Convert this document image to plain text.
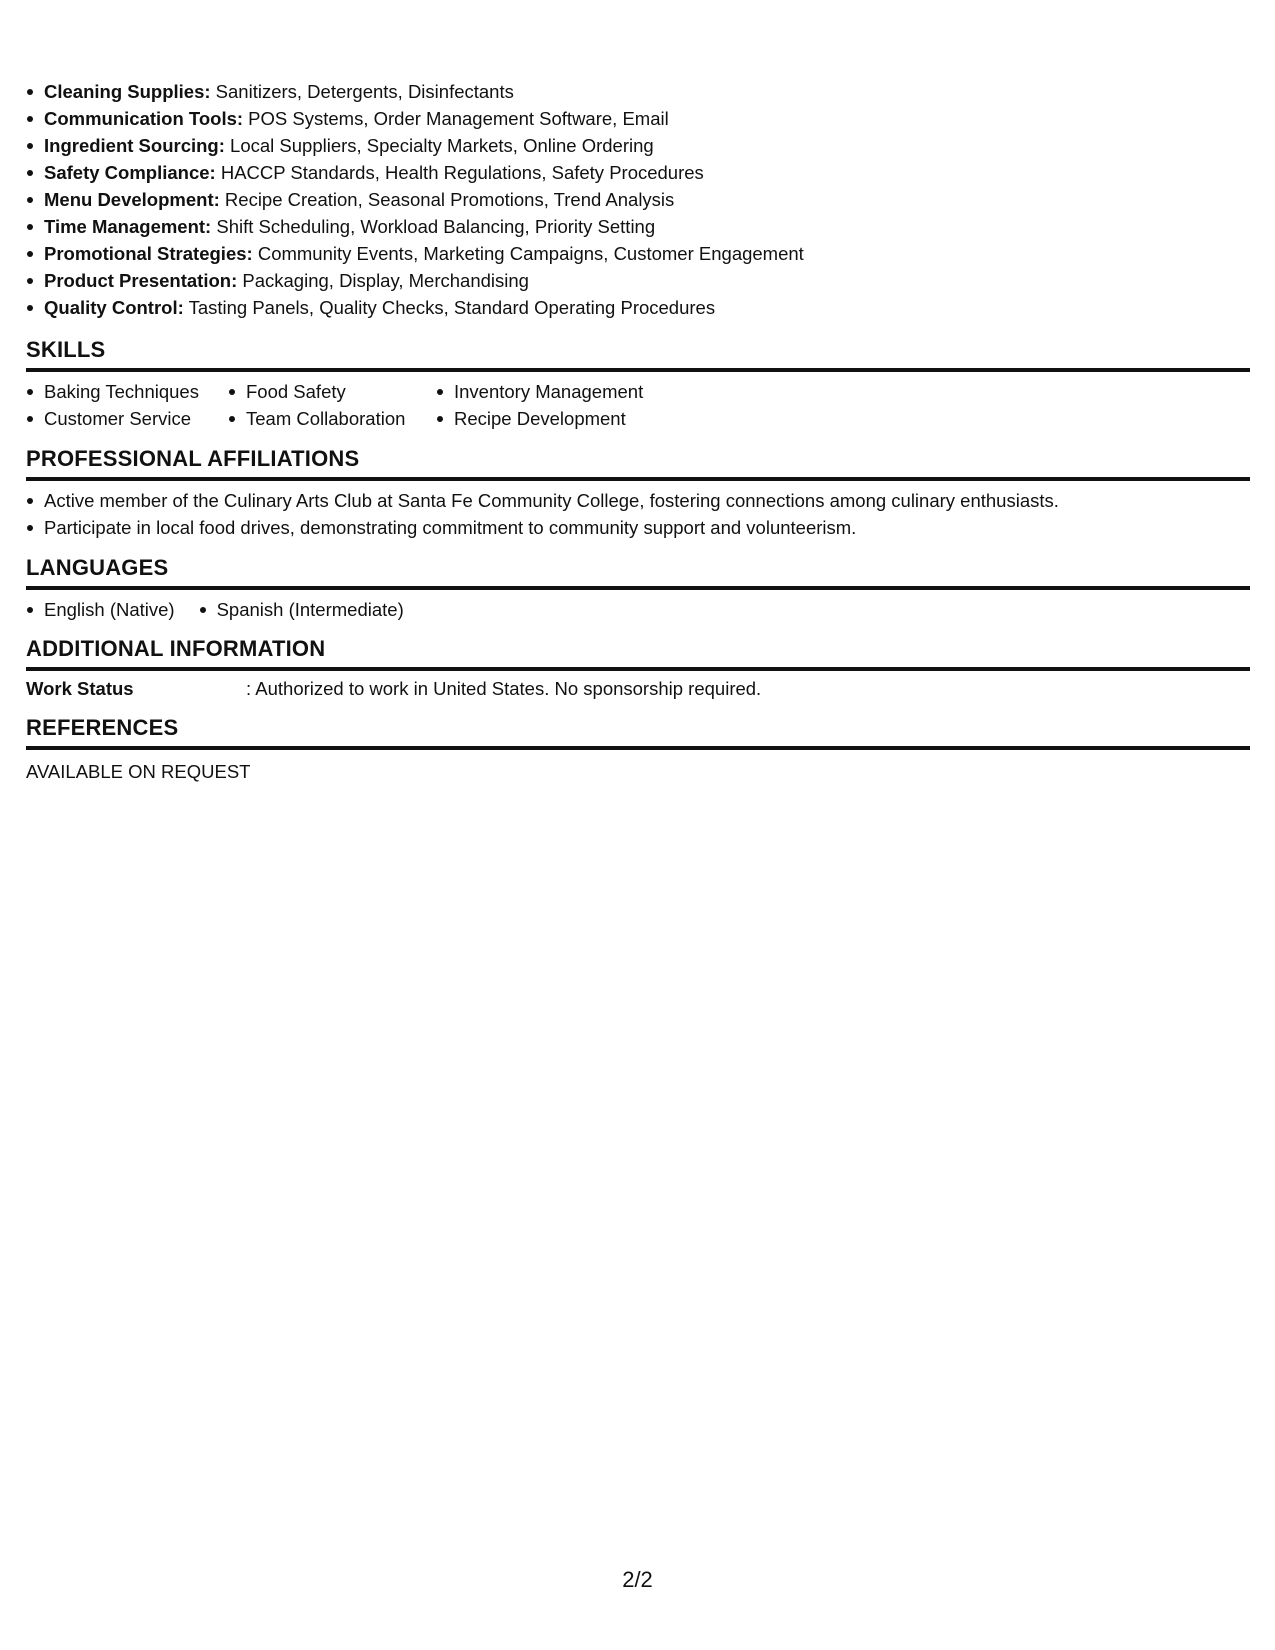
Cleaning Supplies: Sanitizers, Detergents, Disinfectants
Communication Tools: POS Systems, Order Management Software, Email
Ingredient Sourcing: Local Suppliers, Specialty Markets, Online Ordering
Safety Compliance: HACCP Standards, Health Regulations, Safety Procedures
Menu Development: Recipe Creation, Seasonal Promotions, Trend Analysis
Time Management: Shift Scheduling, Workload Balancing, Priority Setting
Promotional Strategies: Community Events, Marketing Campaigns, Customer Engagement
Product Presentation: Packaging, Display, Merchandising
Quality Control: Tasting Panels, Quality Checks, Standard Operating Procedures
SKILLS
Baking Techniques	Food Safety	Inventory Management
Customer Service	Team Collaboration	Recipe Development
PROFESSIONAL AFFILIATIONS
Active member of the Culinary Arts Club at Santa Fe Community College, fostering connections among culinary enthusiasts.
Participate in local food drives, demonstrating commitment to community support and volunteerism.
LANGUAGES
English (Native)	Spanish (Intermediate)
ADDITIONAL INFORMATION
Work Status	: Authorized to work in United States. No sponsorship required.
REFERENCES
AVAILABLE ON REQUEST
2/2
